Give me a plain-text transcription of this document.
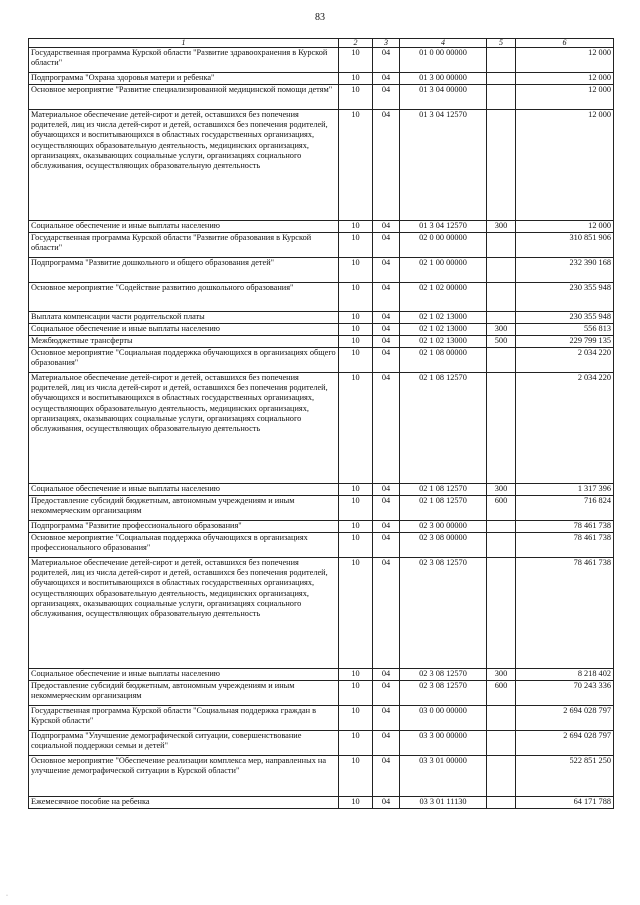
83
1	2	3	4	5	6
Государственная программа Курской области "Развитие здравоохранения в Курской области"	10	04	01 0 00 00000		12 000
Подпрограмма "Охрана здоровья матери и ребенка"	10	04	01 3 00 00000		12 000
Основное мероприятие "Развитие специализированной медицинской помощи детям"	10	04	01 3 04 00000		12 000
Материальное обеспечение детей-сирот и детей, оставшихся без попечения родителей, лиц из числа детей-сирот и детей, оставшихся без попечения родителей, обучающихся и воспитывающихся в областных государственных организациях, осуществляющих образовательную деятельность, медицинских организациях, организациях, оказывающих социальные услуги, организациях социального обслуживания, осуществляющих образовательную деятельность	10	04	01 3 04 12570		12 000
Социальное обеспечение и иные выплаты населению	10	04	01 3 04 12570	300	12 000
Государственная программа Курской области "Развитие образования в Курской области"	10	04	02 0 00 00000		310 851 906
Подпрограмма "Развитие дошкольного и общего образования детей"	10	04	02 1 00 00000		232 390 168
Основное мероприятие "Содействие развитию дошкольного образования"	10	04	02 1 02 00000		230 355 948
Выплата компенсации части родительской платы	10	04	02 1 02 13000		230 355 948
Социальное обеспечение и иные выплаты населению	10	04	02 1 02 13000	300	556 813
Межбюджетные трансферты	10	04	02 1 02 13000	500	229 799 135
Основное мероприятие "Социальная поддержка обучающихся в организациях общего образования"	10	04	02 1 08 00000		2 034 220
Материальное обеспечение детей-сирот и детей, оставшихся без попечения родителей, лиц из числа детей-сирот и детей, оставшихся без попечения родителей, обучающихся и воспитывающихся в областных государственных организациях, осуществляющих образовательную деятельность, медицинских организациях, организациях, оказывающих социальные услуги, организациях социального обслуживания, осуществляющих образовательную деятельность	10	04	02 1 08 12570		2 034 220
Социальное обеспечение и иные выплаты населению	10	04	02 1 08 12570	300	1 317 396
Предоставление субсидий бюджетным, автономным учреждениям и иным некоммерческим организациям	10	04	02 1 08 12570	600	716 824
Подпрограмма "Развитие профессионального образования"	10	04	02 3 00 00000		78 461 738
Основное мероприятие "Социальная поддержка обучающихся в организациях профессионального образования"	10	04	02 3 08 00000		78 461 738
Материальное обеспечение детей-сирот и детей, оставшихся без попечения родителей, лиц из числа детей-сирот и детей, оставшихся без попечения родителей, обучающихся и воспитывающихся в областных государственных организациях, осуществляющих образовательную деятельность, медицинских организациях, организациях, оказывающих социальные услуги, организациях социального обслуживания, осуществляющих образовательную деятельность	10	04	02 3 08 12570		78 461 738
Социальное обеспечение и иные выплаты населению	10	04	02 3 08 12570	300	8 218 402
Предоставление субсидий бюджетным, автономным учреждениям и иным некоммерческим организациям	10	04	02 3 08 12570	600	70 243 336
Государственная программа Курской области "Социальная поддержка граждан в Курской области"	10	04	03 0 00 00000		2 694 028 797
Подпрограмма "Улучшение демографической ситуации, совершенствование социальной поддержки семьи и детей"	10	04	03 3 00 00000		2 694 028 797
Основное мероприятие "Обеспечение реализации комплекса мер, направленных на улучшение демографической ситуации в Курской области"	10	04	03 3 01 00000		522 851 250
Ежемесячное пособие на ребенка	10	04	03 3 01 11130		64 171 788
·
